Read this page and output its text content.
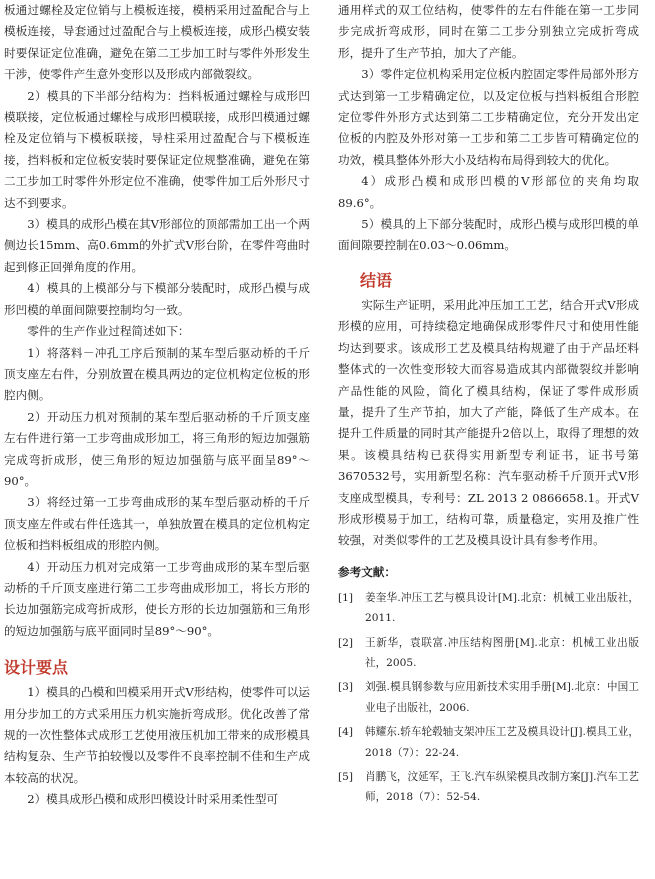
板通过螺栓及定位销与上模板连接，模柄采用过盈配合与上模板连接，导套通过过盈配合与上模板连接，成形凸模安装时要保证定位准确，避免在第二工步加工时与零件外形发生干涉，使零件产生意外变形以及形成内部微裂纹。

2）模具的下半部分结构为：挡料板通过螺栓与成形凹模联接，定位板通过螺栓与成形凹模联接，成形凹模通过螺栓及定位销与下模板联接，导柱采用过盈配合与下模板连接，挡料板和定位板安装时要保证定位规整准确，避免在第二工步加工时零件外形定位不准确，使零件加工后外形尺寸达不到要求。

3）模具的成形凸模在其V形部位的顶部需加工出一个两侧边长15mm、高0.6mm的外扩式V形台阶，在零件弯曲时起到修正回弹角度的作用。

4）模具的上模部分与下模部分装配时，成形凸模与成形凹模的单面间隙要控制均匀一致。

零件的生产作业过程简述如下：

1）将落料－冲孔工序后预制的某车型后驱动桥的千斤顶支座左右件，分别放置在模具两边的定位机构定位板的形腔内侧。

2）开动压力机对预制的某车型后驱动桥的千斤顶支座左右件进行第一工步弯曲成形加工，将三角形的短边加强筋完成弯折成形，使三角形的短边加强筋与底平面呈89°～90°。

3）将经过第一工步弯曲成形的某车型后驱动桥的千斤顶支座左件或右件任选其一，单独放置在模具的定位机构定位板和挡料板组成的形腔内侧。

4）开动压力机对完成第一工步弯曲成形的某车型后驱动桥的千斤顶支座进行第二工步弯曲成形加工，将长方形的长边加强筋完成弯折成形，使长方形的长边加强筋和三角形的短边加强筋与底平面同时呈89°～90°。

设计要点

1）模具的凸模和凹模采用开式V形结构，使零件可以运用分步加工的方式采用压力机实施折弯成形。优化改善了常规的一次性整体式成形工艺使用液压机加工带来的成形模具结构复杂、生产节拍较慢以及零件不良率控制不佳和生产成本较高的状况。

2）模具成形凸模和成形凹模设计时采用柔性型可

通用样式的双工位结构，使零件的左右件能在第一工步同步完成折弯成形，同时在第二工步分别独立完成折弯成形，提升了生产节拍，加大了产能。

3）零件定位机构采用定位板内腔固定零件局部外形方式达到第一工步精确定位，以及定位板与挡料板组合形腔定位零件外形方式达到第二工步精确定位，充分开发出定位板的内腔及外形对第一工步和第二工步皆可精确定位的功效，模具整体外形大小及结构布局得到较大的优化。

4）成形凸模和成形凹模的V形部位的夹角均取89.6°。

5）模具的上下部分装配时，成形凸模与成形凹模的单面间隙要控制在0.03～0.06mm。

结语

实际生产证明，采用此冲压加工工艺，结合开式V形成形模的应用，可持续稳定地确保成形零件尺寸和使用性能均达到要求。该成形工艺及模具结构规避了由于产品坯料整体式的一次性变形较大而容易造成其内部微裂纹并影响产品性能的风险，简化了模具结构，保证了零件成形质量，提升了生产节拍，加大了产能，降低了生产成本。在提升工件质量的同时其产能提升2倍以上，取得了理想的效果。该模具结构已获得实用新型专利证书，证书号第3670532号，实用新型名称：汽车驱动桥千斤顶开式V形支座成型模具，专利号：ZL 2013 2 0866658.1。开式V形成形模易于加工，结构可靠，质量稳定，实用及推广性较强，对类似零件的工艺及模具设计具有参考作用。

参考文献：
[1]	姜奎华.冲压工艺与模具设计[M].北京：机械工业出版社，2011.
[2]	王新华，袁联富.冲压结构图册[M].北京：机械工业出版社，2005.
[3]	刘强.模具钢参数与应用新技术实用手册[M].北京：中国工业电子出版社，2006.
[4]	韩耀东.轿车轮毂轴支架冲压工艺及模具设计[J].模具工业，2018（7）：22-24.
[5]	肖鹏飞，汶延军，王飞.汽车纵梁模具改制方案[J].汽车工艺师，2018（7）：52-54.
